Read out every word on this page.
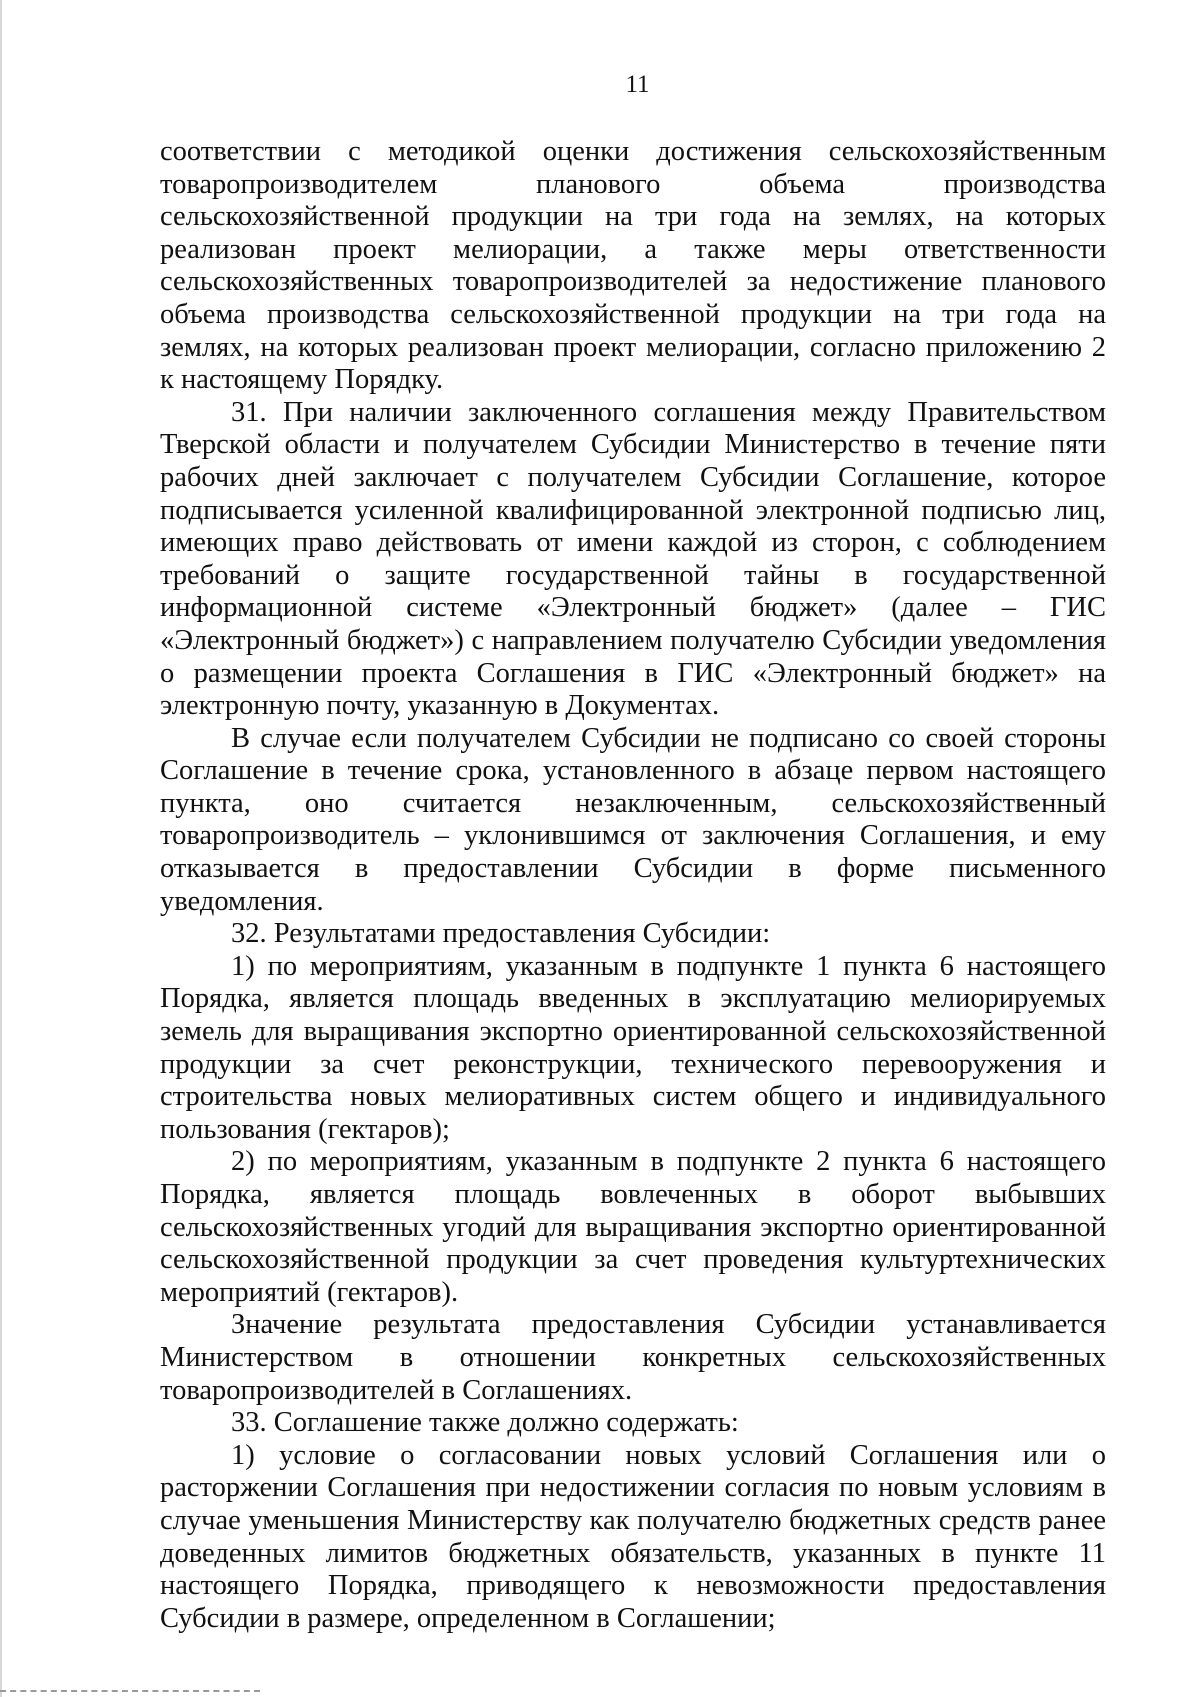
11

соответствии с методикой оценки достижения сельскохозяйственным товаропроизводителем планового объема производства сельскохозяйственной продукции на три года на землях, на которых реализован проект мелиорации, а также меры ответственности сельскохозяйственных товаропроизводителей за недостижение планового объема производства сельскохозяйственной продукции на три года на землях, на которых реализован проект мелиорации, согласно приложению 2 к настоящему Порядку.

31. При наличии заключенного соглашения между Правительством Тверской области и получателем Субсидии Министерство в течение пяти рабочих дней заключает с получателем Субсидии Соглашение, которое подписывается усиленной квалифицированной электронной подписью лиц, имеющих право действовать от имени каждой из сторон, с соблюдением требований о защите государственной тайны в государственной информационной системе «Электронный бюджет» (далее – ГИС «Электронный бюджет») с направлением получателю Субсидии уведомления о размещении проекта Соглашения в ГИС «Электронный бюджет» на электронную почту, указанную в Документах.

В случае если получателем Субсидии не подписано со своей стороны Соглашение в течение срока, установленного в абзаце первом настоящего пункта, оно считается незаключенным, сельскохозяйственный товаропроизводитель – уклонившимся от заключения Соглашения, и ему отказывается в предоставлении Субсидии в форме письменного уведомления.

32. Результатами предоставления Субсидии:

1) по мероприятиям, указанным в подпункте 1 пункта 6 настоящего Порядка, является площадь введенных в эксплуатацию мелиорируемых земель для выращивания экспортно ориентированной сельскохозяйственной продукции за счет реконструкции, технического перевооружения и строительства новых мелиоративных систем общего и индивидуального пользования (гектаров);

2) по мероприятиям, указанным в подпункте 2 пункта 6 настоящего Порядка, является площадь вовлеченных в оборот выбывших сельскохозяйственных угодий для выращивания экспортно ориентированной сельскохозяйственной продукции за счет проведения культуртехнических мероприятий (гектаров).

Значение результата предоставления Субсидии устанавливается Министерством в отношении конкретных сельскохозяйственных товаропроизводителей в Соглашениях.

33. Соглашение также должно содержать:

1) условие о согласовании новых условий Соглашения или о расторжении Соглашения при недостижении согласия по новым условиям в случае уменьшения Министерству как получателю бюджетных средств ранее доведенных лимитов бюджетных обязательств, указанных в пункте 11 настоящего Порядка, приводящего к невозможности предоставления Субсидии в размере, определенном в Соглашении;
